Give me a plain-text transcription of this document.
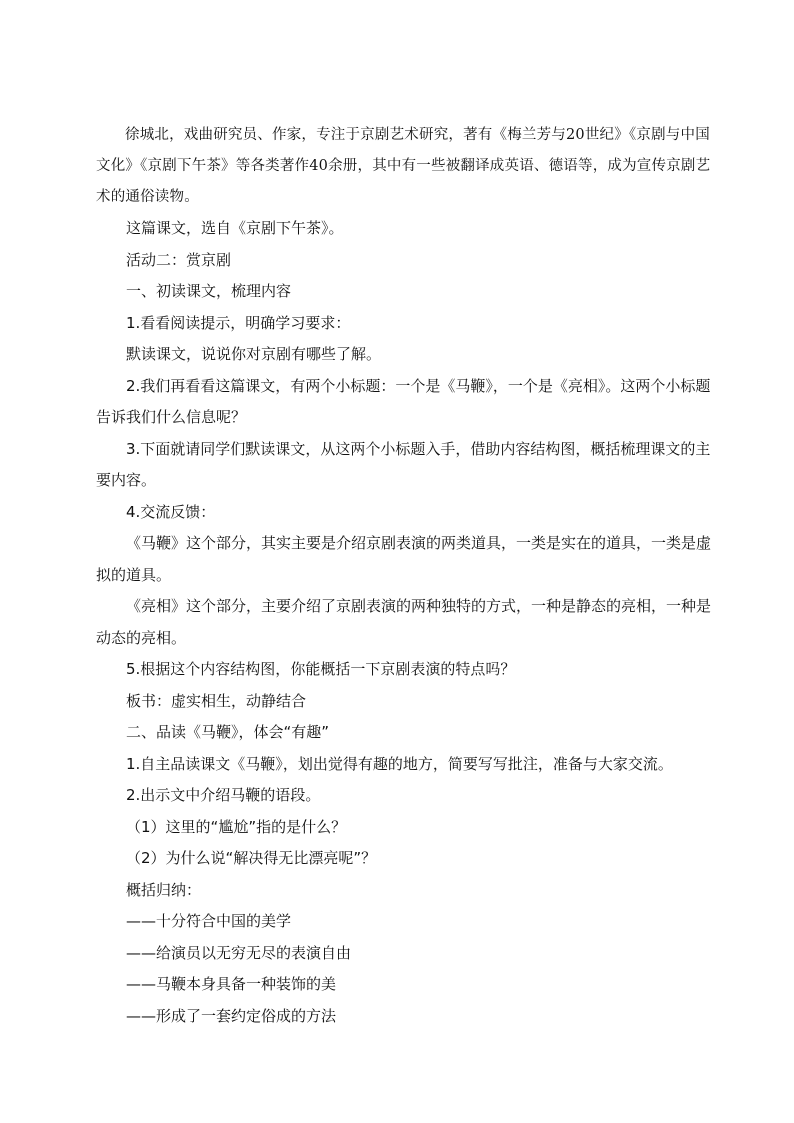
徐城北，戏曲研究员、作家，专注于京剧艺术研究，著有《梅兰芳与20世纪》《京剧与中国文化》《京剧下午茶》等各类著作40余册，其中有一些被翻译成英语、德语等，成为宣传京剧艺术的通俗读物。

这篇课文，选自《京剧下午茶》。

活动二：赏京剧

一、初读课文，梳理内容

1.看看阅读提示，明确学习要求：

默读课文，说说你对京剧有哪些了解。

2.我们再看看这篇课文，有两个小标题：一个是《马鞭》，一个是《亮相》。这两个小标题告诉我们什么信息呢？

3.下面就请同学们默读课文，从这两个小标题入手，借助内容结构图，概括梳理课文的主要内容。

4.交流反馈：

《马鞭》这个部分，其实主要是介绍京剧表演的两类道具，一类是实在的道具，一类是虚拟的道具。

《亮相》这个部分，主要介绍了京剧表演的两种独特的方式，一种是静态的亮相，一种是动态的亮相。

5.根据这个内容结构图，你能概括一下京剧表演的特点吗？

板书：虚实相生，动静结合

二、品读《马鞭》，体会“有趣”

1.自主品读课文《马鞭》，划出觉得有趣的地方，简要写写批注，准备与大家交流。

2.出示文中介绍马鞭的语段。

（1）这里的“尴尬”指的是什么？

（2）为什么说“解决得无比漂亮呢”？

概括归纳：

——十分符合中国的美学

——给演员以无穷无尽的表演自由

——马鞭本身具备一种装饰的美

——形成了一套约定俗成的方法
